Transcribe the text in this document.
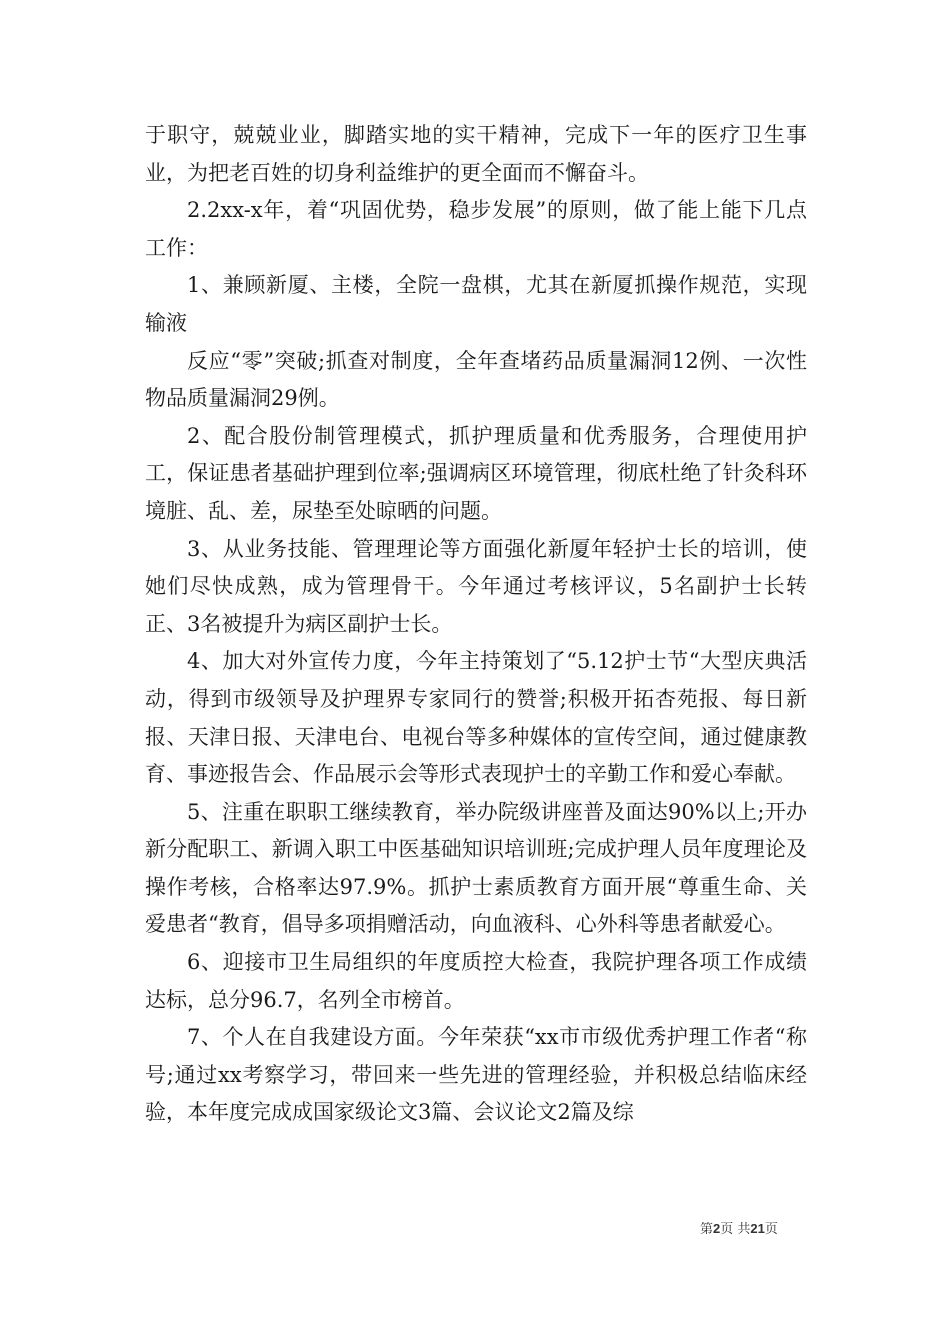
于职守，兢兢业业，脚踏实地的实干精神，完成下一年的医疗卫生事业，为把老百姓的切身利益维护的更全面而不懈奋斗。

2.2xx-x年，着“巩固优势，稳步发展”的原则，做了能上能下几点工作：

1、兼顾新厦、主楼，全院一盘棋，尤其在新厦抓操作规范，实现输液

反应“零”突破;抓查对制度，全年查堵药品质量漏洞12例、一次性物品质量漏洞29例。

2、配合股份制管理模式，抓护理质量和优秀服务，合理使用护工，保证患者基础护理到位率;强调病区环境管理，彻底杜绝了针灸科环境脏、乱、差，尿垫至处晾晒的问题。

3、从业务技能、管理理论等方面强化新厦年轻护士长的培训，使她们尽快成熟，成为管理骨干。今年通过考核评议，5名副护士长转正、3名被提升为病区副护士长。

4、加大对外宣传力度，今年主持策划了“5.12护士节“大型庆典活动，得到市级领导及护理界专家同行的赞誉;积极开拓杏苑报、每日新报、天津日报、天津电台、电视台等多种媒体的宣传空间，通过健康教育、事迹报告会、作品展示会等形式表现护士的辛勤工作和爱心奉献。

5、注重在职职工继续教育，举办院级讲座普及面达90%以上;开办新分配职工、新调入职工中医基础知识培训班;完成护理人员年度理论及操作考核，合格率达97.9%。抓护士素质教育方面开展“尊重生命、关爱患者“教育，倡导多项捐赠活动，向血液科、心外科等患者献爱心。

6、迎接市卫生局组织的年度质控大检查，我院护理各项工作成绩达标，总分96.7，名列全市榜首。

7、个人在自我建设方面。今年荣获“xx市市级优秀护理工作者“称号;通过xx考察学习，带回来一些先进的管理经验，并积极总结临床经验，本年度完成成国家级论文3篇、会议论文2篇及综

第2页 共21页
